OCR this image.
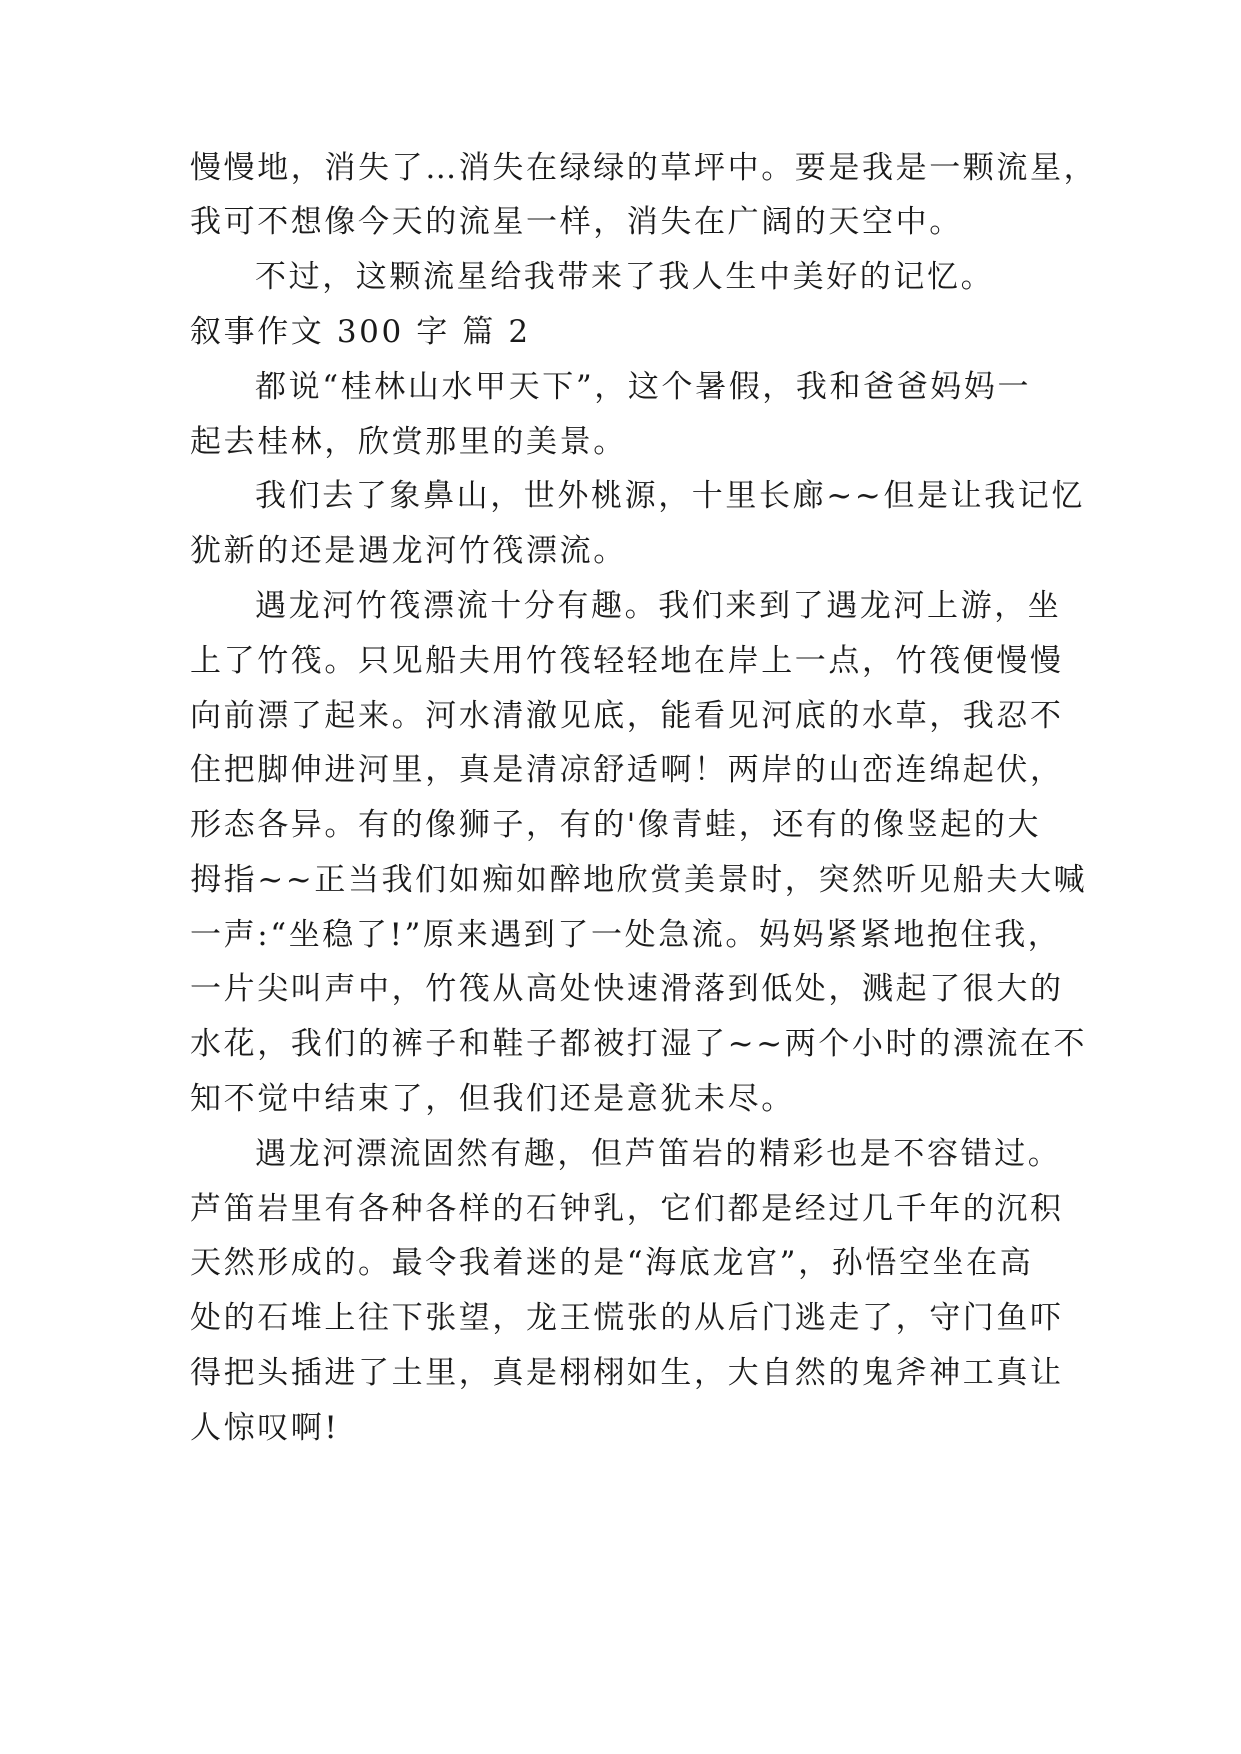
慢慢地，消失了…消失在绿绿的草坪中。要是我是一颗流星，
我可不想像今天的流星一样，消失在广阔的天空中。
不过，这颗流星给我带来了我人生中美好的记忆。
叙事作文 300 字 篇 2
都说“桂林山水甲天下”，这个暑假，我和爸爸妈妈一
起去桂林，欣赏那里的美景。
我们去了象鼻山，世外桃源，十里长廊~~但是让我记忆
犹新的还是遇龙河竹筏漂流。
遇龙河竹筏漂流十分有趣。我们来到了遇龙河上游，坐
上了竹筏。只见船夫用竹筏轻轻地在岸上一点，竹筏便慢慢
向前漂了起来。河水清澈见底，能看见河底的水草，我忍不
住把脚伸进河里，真是清凉舒适啊！两岸的山峦连绵起伏，
形态各异。有的像狮子，有的'像青蛙，还有的像竖起的大
拇指~~正当我们如痴如醉地欣赏美景时，突然听见船夫大喊
一声:“坐稳了!”原来遇到了一处急流。妈妈紧紧地抱住我，
一片尖叫声中，竹筏从高处快速滑落到低处，溅起了很大的
水花，我们的裤子和鞋子都被打湿了~~两个小时的漂流在不
知不觉中结束了，但我们还是意犹未尽。
遇龙河漂流固然有趣，但芦笛岩的精彩也是不容错过。
芦笛岩里有各种各样的石钟乳，它们都是经过几千年的沉积
天然形成的。最令我着迷的是“海底龙宫”，孙悟空坐在高
处的石堆上往下张望，龙王慌张的从后门逃走了，守门鱼吓
得把头插进了土里，真是栩栩如生，大自然的鬼斧神工真让
人惊叹啊!
